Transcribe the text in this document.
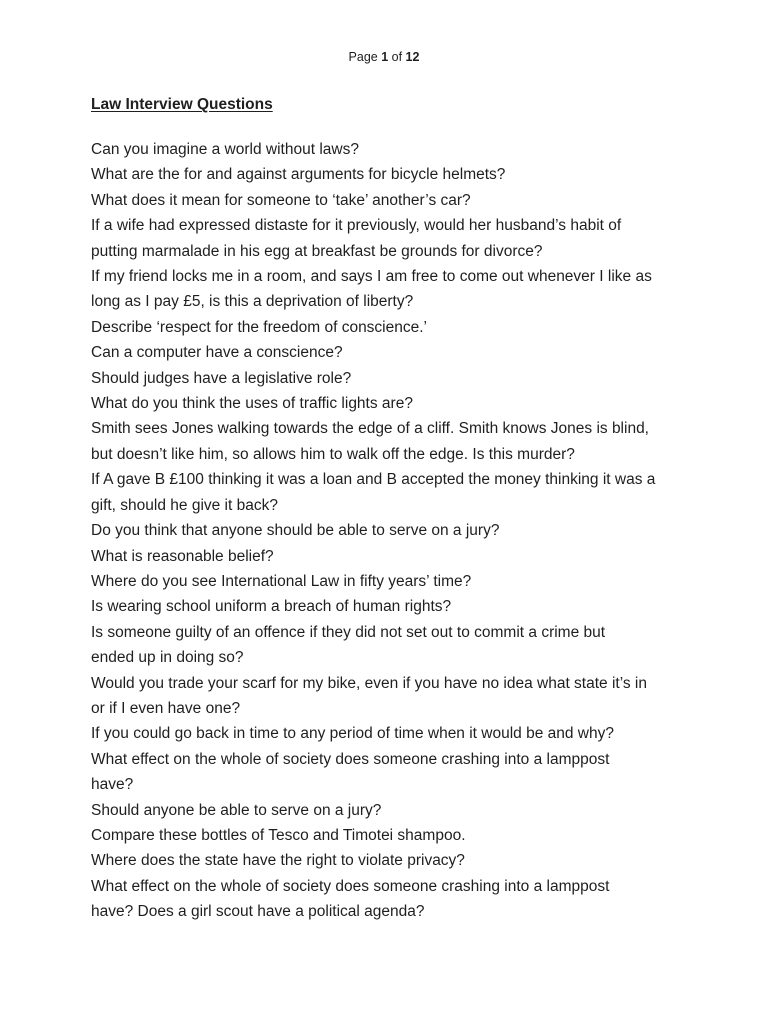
Page 1 of 12
Law Interview Questions
Can you imagine a world without laws?
What are the for and against arguments for bicycle helmets?
What does it mean for someone to ‘take’ another’s car?
If a wife had expressed distaste for it previously, would her husband’s habit of
putting marmalade in his egg at breakfast be grounds for divorce?
If my friend locks me in a room, and says I am free to come out whenever I like as
long as I pay £5, is this a deprivation of liberty?
Describe ‘respect for the freedom of conscience.’
Can a computer have a conscience?
Should judges have a legislative role?
What do you think the uses of traffic lights are?
Smith sees Jones walking towards the edge of a cliff. Smith knows Jones is blind,
but doesn’t like him, so allows him to walk off the edge. Is this murder?
If A gave B £100 thinking it was a loan and B accepted the money thinking it was a
gift, should he give it back?
Do you think that anyone should be able to serve on a jury?
What is reasonable belief?
Where do you see International Law in fifty years’ time?
Is wearing school uniform a breach of human rights?
Is someone guilty of an offence if they did not set out to commit a crime but
ended up in doing so?
Would you trade your scarf for my bike, even if you have no idea what state it’s in
or if I even have one?
If you could go back in time to any period of time when it would be and why?
What effect on the whole of society does someone crashing into a lamppost
have?
Should anyone be able to serve on a jury?
Compare these bottles of Tesco and Timotei shampoo.
Where does the state have the right to violate privacy?
What effect on the whole of society does someone crashing into a lamppost
have? Does a girl scout have a political agenda?
